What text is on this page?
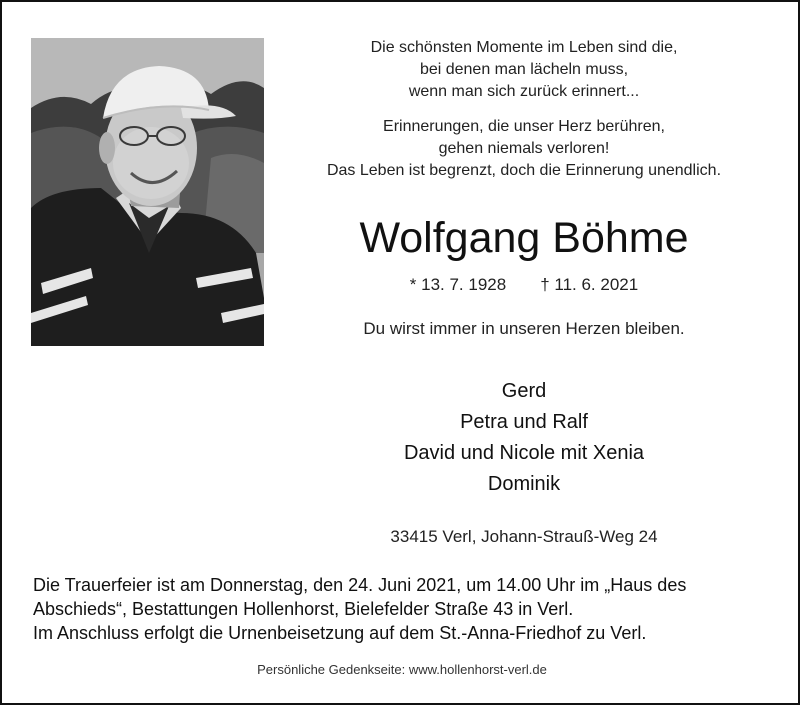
Die schönsten Momente im Leben sind die,
bei denen man lächeln muss,
wenn man sich zurück erinnert...
Erinnerungen, die unser Herz berühren,
gehen niemals verloren!
Das Leben ist begrenzt, doch die Erinnerung unendlich.
Wolfgang Böhme
* 13. 7. 1928 † 11. 6. 2021
Du wirst immer in unseren Herzen bleiben.
Gerd
Petra und Ralf
David und Nicole mit Xenia
Dominik
33415 Verl, Johann-Strauß-Weg 24
Die Trauerfeier ist am Donnerstag, den 24. Juni 2021, um 14.00 Uhr im „Haus des
Abschieds“, Bestattungen Hollenhorst, Bielefelder Straße 43 in Verl.
Im Anschluss erfolgt die Urnenbeisetzung auf dem St.-Anna-Friedhof zu Verl.
Persönliche Gedenkseite: www.hollenhorst-verl.de
